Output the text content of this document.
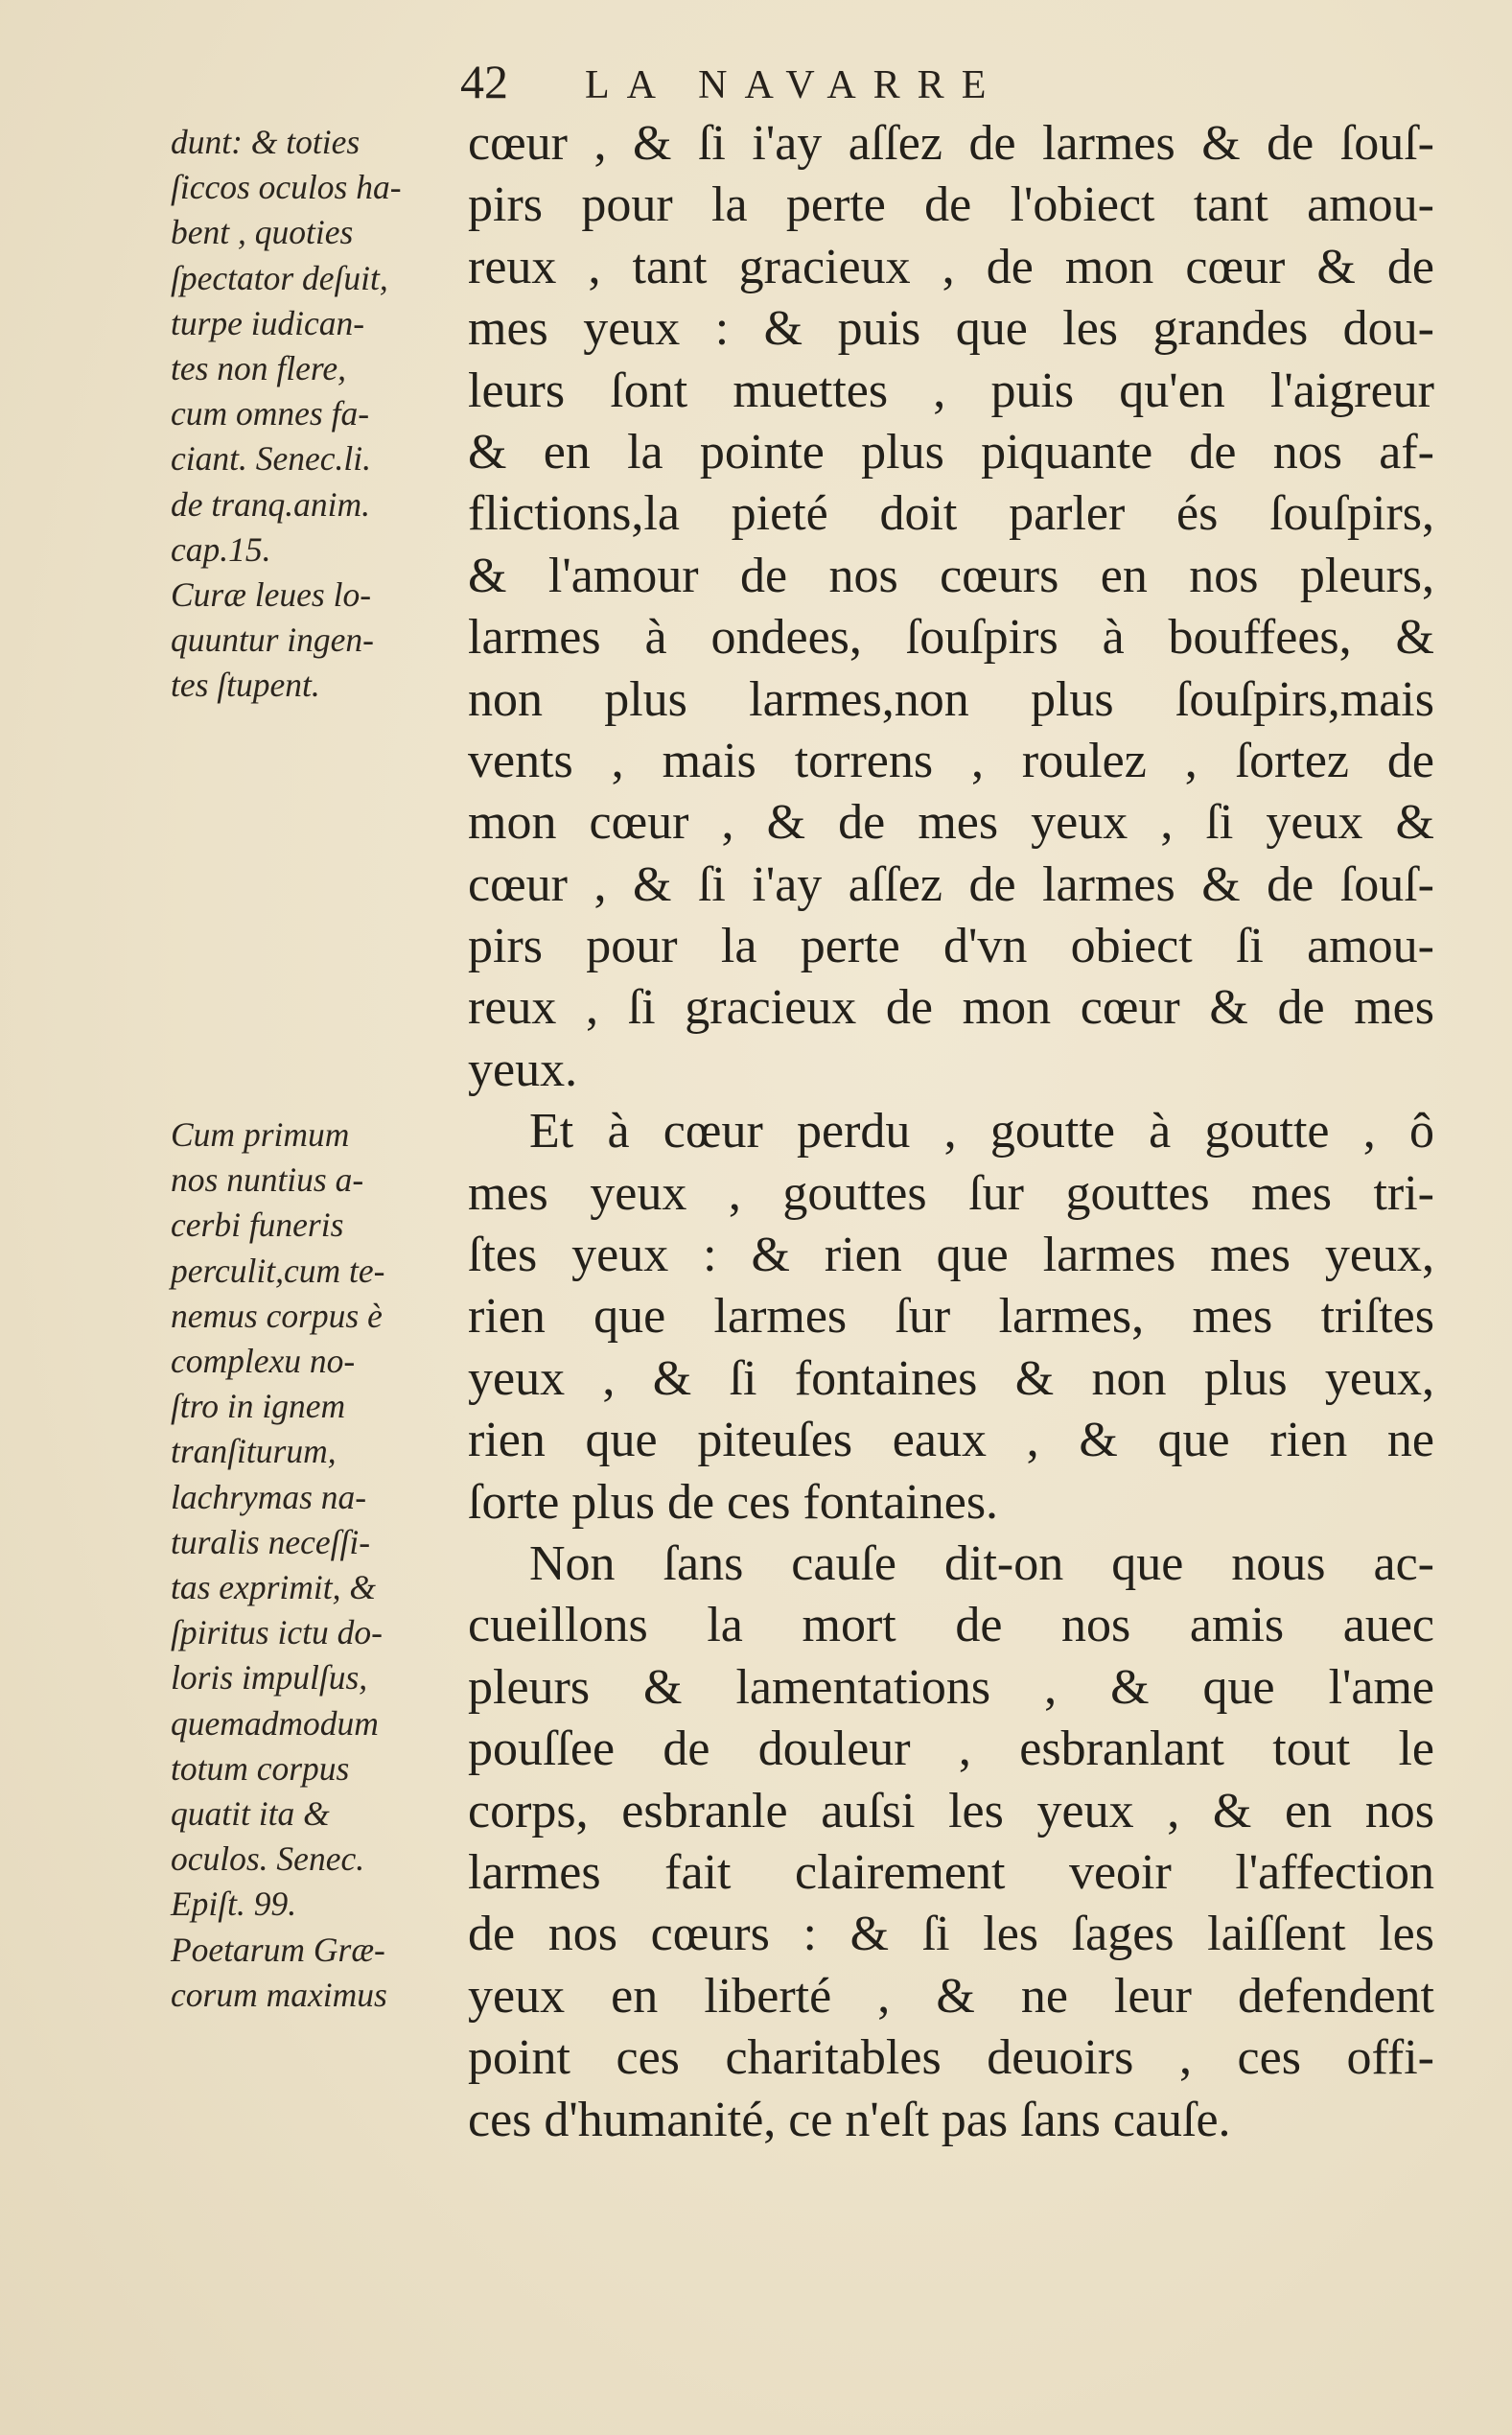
42 LA NAVARRE
dunt: & toties
ſiccos oculos ha-
bent , quoties
ſpectator deſuit,
turpe iudican-
tes non flere,
cum omnes fa-
ciant. Senec.li.
de tranq.anim.
cap.15.
Curæ leues lo-
quuntur ingen-
tes ſtupent.
Cum primum
nos nuntius a-
cerbi funeris
perculit,cum te-
nemus corpus è
complexu no-
ſtro in ignem
tranſiturum,
lachrymas na-
turalis neceſſi-
tas exprimit, &
ſpiritus ictu do-
loris impulſus,
quemadmodum
totum corpus
quatit ita &
oculos. Senec.
Epiſt. 99.
Poetarum Græ-
corum maximus
cœur , & ſi i'ay aſſez de larmes & de ſouſ-
pirs pour la perte de l'obiect tant amou-
reux , tant gracieux , de mon cœur & de
mes yeux : & puis que les grandes dou-
leurs ſont muettes , puis qu'en l'aigreur
& en la pointe plus piquante de nos af-
flictions,la pieté doit parler és ſouſpirs,
& l'amour de nos cœurs en nos pleurs,
larmes à ondees, ſouſpirs à bouffees, &
non plus larmes,non plus ſouſpirs,mais
vents , mais torrens , roulez , ſortez de
mon cœur , & de mes yeux , ſi yeux &
cœur , & ſi i'ay aſſez de larmes & de ſouſ-
pirs pour la perte d'vn obiect ſi amou-
reux , ſi gracieux de mon cœur & de mes
yeux.
Et à cœur perdu , goutte à goutte , ô
mes yeux , gouttes ſur gouttes mes tri-
ſtes yeux : & rien que larmes mes yeux,
rien que larmes ſur larmes, mes triſtes
yeux , & ſi fontaines & non plus yeux,
rien que piteuſes eaux , & que rien ne
ſorte plus de ces fontaines.
Non ſans cauſe dit-on que nous ac-
cueillons la mort de nos amis auec
pleurs & lamentations , & que l'ame
pouſſee de douleur , esbranlant tout le
corps, esbranle auſsi les yeux , & en nos
larmes fait clairement veoir l'affection
de nos cœurs : & ſi les ſages laiſſent les
yeux en liberté , & ne leur defendent
point ces charitables deuoirs , ces offi-
ces d'humanité, ce n'eſt pas ſans cauſe.
